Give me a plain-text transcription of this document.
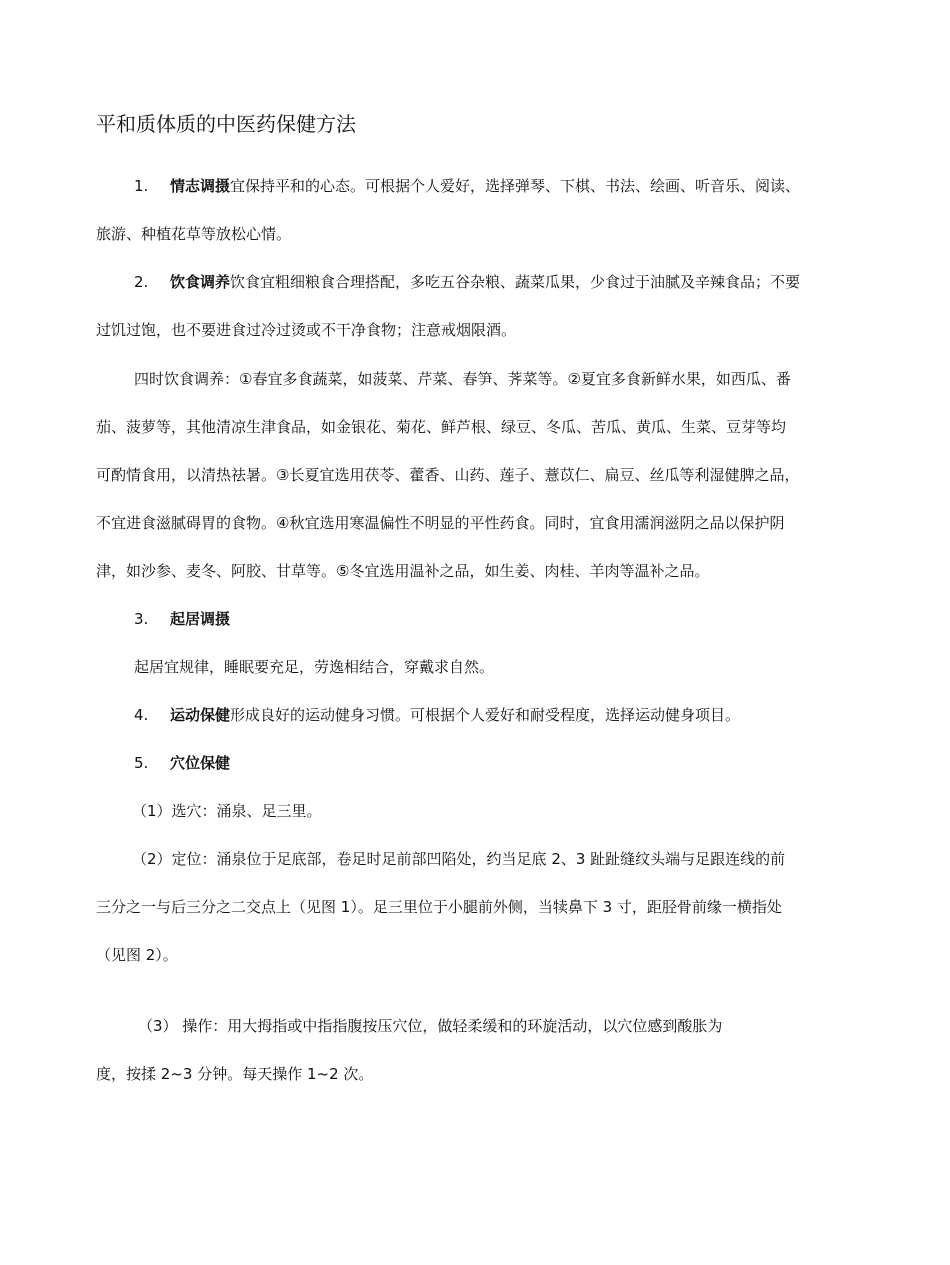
平和质体质的中医药保健方法

1. 情志调摄宜保持平和的心态。可根据个人爱好，选择弹琴、下棋、书法、绘画、听音乐、阅读、

旅游、种植花草等放松心情。

2. 饮食调养饮食宜粗细粮食合理搭配，多吃五谷杂粮、蔬菜瓜果，少食过于油腻及辛辣食品；不要

过饥过饱，也不要进食过冷过烫或不干净食物；注意戒烟限酒。

四时饮食调养：①春宜多食蔬菜，如菠菜、芹菜、春笋、荠菜等。②夏宜多食新鲜水果，如西瓜、番

茄、菠萝等，其他清凉生津食品，如金银花、菊花、鲜芦根、绿豆、冬瓜、苦瓜、黄瓜、生菜、豆芽等均

可酌情食用，以清热祛暑。③长夏宜选用茯苓、藿香、山药、莲子、薏苡仁、扁豆、丝瓜等利湿健脾之品，

不宜进食滋腻碍胃的食物。④秋宜选用寒温偏性不明显的平性药食。同时，宜食用濡润滋阴之品以保护阴

津，如沙参、麦冬、阿胶、甘草等。⑤冬宜选用温补之品，如生姜、肉桂、羊肉等温补之品。

3. 起居调摄

起居宜规律，睡眠要充足，劳逸相结合，穿戴求自然。

4. 运动保健形成良好的运动健身习惯。可根据个人爱好和耐受程度，选择运动健身项目。

5. 穴位保健

（1）选穴：涌泉、足三里。

（2）定位：涌泉位于足底部，卷足时足前部凹陷处，约当足底 2、3 趾趾缝纹头端与足跟连线的前

三分之一与后三分之二交点上（见图 1）。足三里位于小腿前外侧，当犊鼻下 3 寸，距胫骨前缘一横指处

（见图 2）。

（3） 操作：用大拇指或中指指腹按压穴位，做轻柔缓和的环旋活动，以穴位感到酸胀为

度，按揉 2~3 分钟。每天操作 1~2 次。
